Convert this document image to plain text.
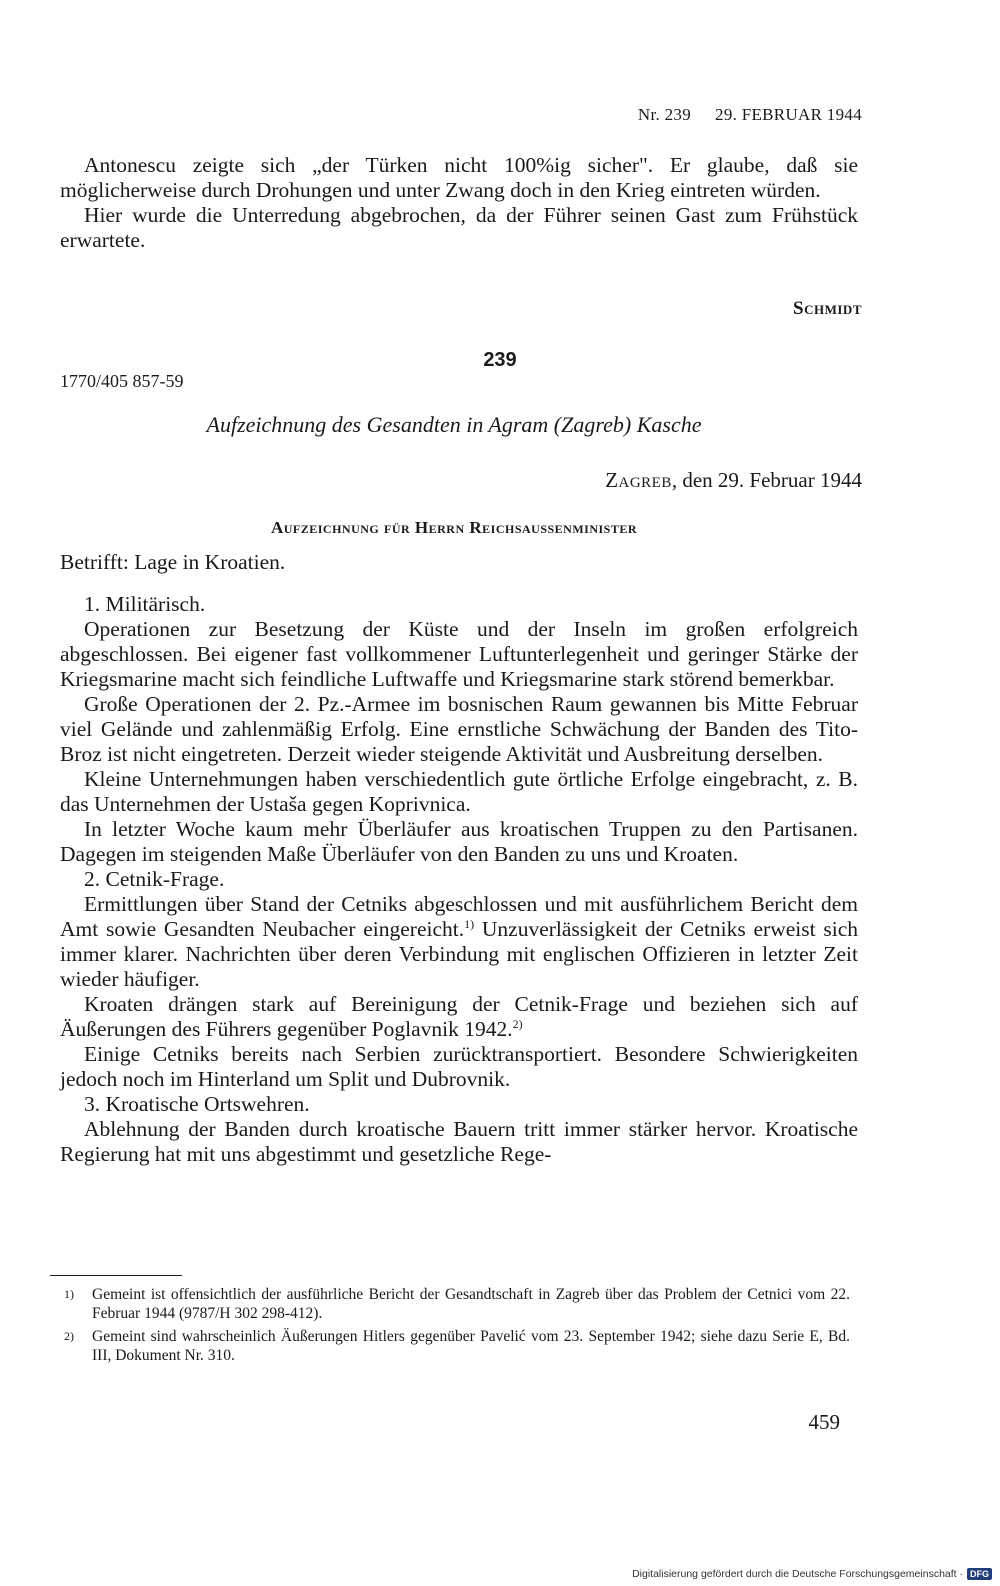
Nr. 239 29. FEBRUAR 1944

Antonescu zeigte sich „der Türken nicht 100%ig sicher". Er glaube, daß sie möglicherweise durch Drohungen und unter Zwang doch in den Krieg eintreten würden.

Hier wurde die Unterredung abgebrochen, da der Führer seinen Gast zum Frühstück erwartete.

Schmidt
239
1770/405 857-59
Aufzeichnung des Gesandten in Agram (Zagreb) Kasche
Zagreb, den 29. Februar 1944
Aufzeichnung für Herrn Reichsaussenminister
Betrifft: Lage in Kroatien.

1. Militärisch.

Operationen zur Besetzung der Küste und der Inseln im großen erfolgreich abgeschlossen. Bei eigener fast vollkommener Luftunterlegenheit und geringer Stärke der Kriegsmarine macht sich feindliche Luftwaffe und Kriegsmarine stark störend bemerkbar.

Große Operationen der 2. Pz.-Armee im bosnischen Raum gewannen bis Mitte Februar viel Gelände und zahlenmäßig Erfolg. Eine ernstliche Schwächung der Banden des Tito-Broz ist nicht eingetreten. Derzeit wieder steigende Aktivität und Ausbreitung derselben.

Kleine Unternehmungen haben verschiedentlich gute örtliche Erfolge eingebracht, z. B. das Unternehmen der Ustaša gegen Koprivnica.

In letzter Woche kaum mehr Überläufer aus kroatischen Truppen zu den Partisanen. Dagegen im steigenden Maße Überläufer von den Banden zu uns und Kroaten.

2. Cetnik-Frage.

Ermittlungen über Stand der Cetniks abgeschlossen und mit ausführlichem Bericht dem Amt sowie Gesandten Neubacher eingereicht.$^{1)}$ Unzuverlässigkeit der Cetniks erweist sich immer klarer. Nachrichten über deren Verbindung mit englischen Offizieren in letzter Zeit wieder häufiger.

Kroaten drängen stark auf Bereinigung der Cetnik-Frage und beziehen sich auf Äußerungen des Führers gegenüber Poglavnik 1942.$^{2)}$

Einige Cetniks bereits nach Serbien zurücktransportiert. Besondere Schwierigkeiten jedoch noch im Hinterland um Split und Dubrovnik.

3. Kroatische Ortswehren.

Ablehnung der Banden durch kroatische Bauern tritt immer stärker hervor. Kroatische Regierung hat mit uns abgestimmt und gesetzliche Rege-

1) Gemeint ist offensichtlich der ausführliche Bericht der Gesandtschaft in Zagreb über das Problem der Cetnici vom 22. Februar 1944 (9787/H 302 298-412).

2) Gemeint sind wahrscheinlich Äußerungen Hitlers gegenüber Pavelić vom 23. September 1942; siehe dazu Serie E, Bd. III, Dokument Nr. 310.

459
Digitalisierung gefördert durch die Deutsche Forschungsgemeinschaft · DFG
